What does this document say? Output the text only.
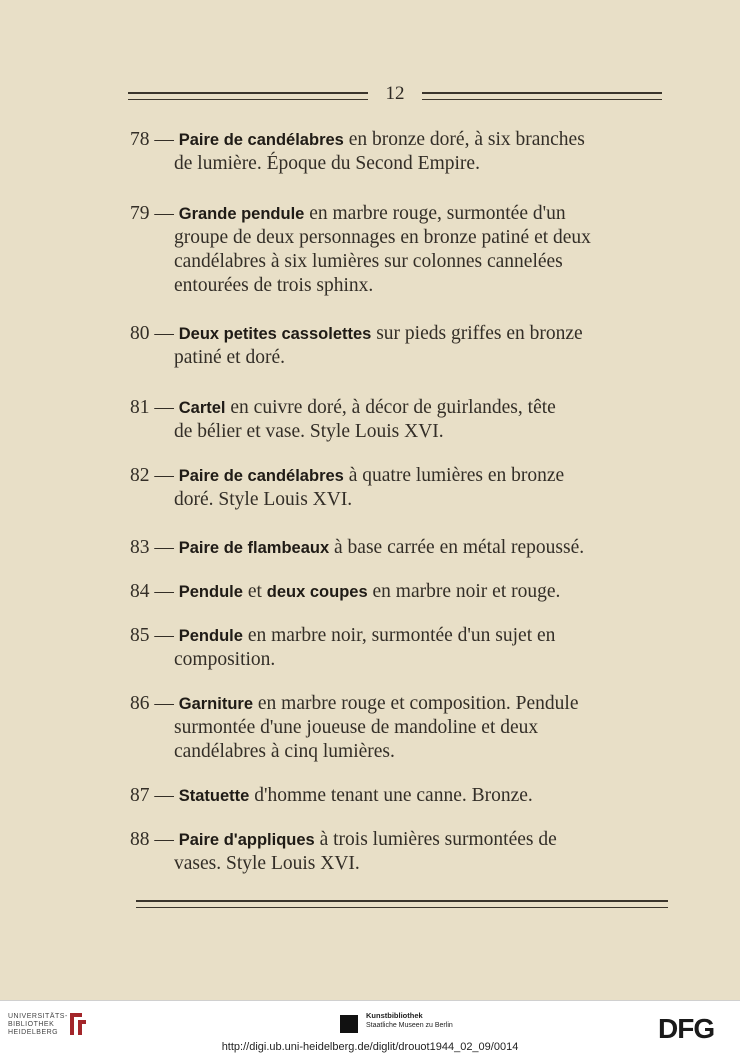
12
78 — Paire de candélabres en bronze doré, à six branches
de lumière. Époque du Second Empire.
79 — Grande pendule en marbre rouge, surmontée d'un
groupe de deux personnages en bronze patiné et deux candélabres à six lumières sur colonnes cannelées entourées de trois sphinx.
80 — Deux petites cassolettes sur pieds griffes en bronze
patiné et doré.
81 — Cartel en cuivre doré, à décor de guirlandes, tête
de bélier et vase. Style Louis XVI.
82 — Paire de candélabres à quatre lumières en bronze
doré. Style Louis XVI.
83 — Paire de flambeaux à base carrée en métal repoussé.
84 — Pendule et deux coupes en marbre noir et rouge.
85 — Pendule en marbre noir, surmontée d'un sujet en
composition.
86 — Garniture en marbre rouge et composition. Pendule
surmontée d'une joueuse de mandoline et deux candélabres à cinq lumières.
87 — Statuette d'homme tenant une canne. Bronze.
88 — Paire d'appliques à trois lumières surmontées de
vases. Style Louis XVI.
UNIVERSITÄTS-
BIBLIOTHEK
HEIDELBERG
Kunstbibliothek
Staatliche Museen zu Berlin	DFG
http://digi.ub.uni-heidelberg.de/diglit/drouot1944_02_09/0014
